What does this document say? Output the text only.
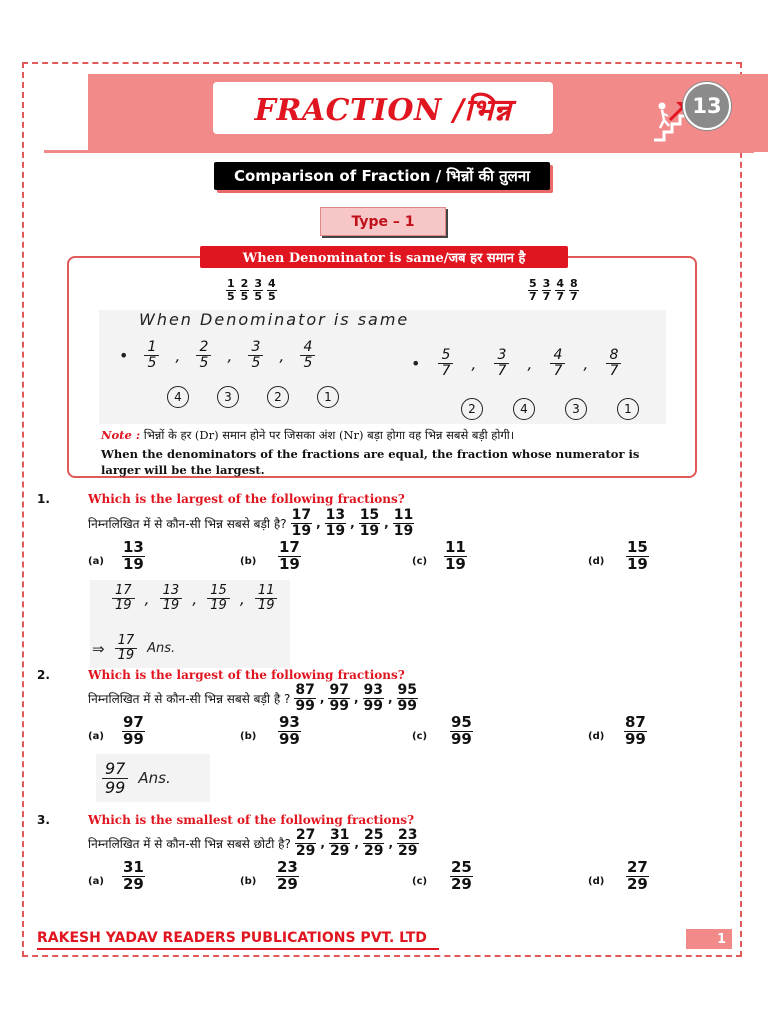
FRACTION /भिन्न	13
Comparison of Fraction / भिन्नों की तुलना
Type – 1
When Denominator is same/जब हर समान है
$\frac{1}{5} \frac{2}{5} \frac{3}{5} \frac{4}{5}$	$\frac{5}{7} \frac{3}{7} \frac{4}{7} \frac{8}{7}$
When Denominator is same
• 1
5 , 2
5 , 3
5 , 4
5
4	3	2	1
• 5
7 , 3
7 , 4
7 , 8
7
2	4	3	1
Note : भिन्नों के हर (Dr) समान होने पर जिसका अंश (Nr) बड़ा होगा वह भिन्न सबसे बड़ी होगी।
When the denominators of the fractions are equal, the fraction whose numerator is larger will be the largest.
1.	Which is the largest of the following fractions?
निम्नलिखित में से कौन-सी भिन्न सबसे बड़ी है? $\frac{17}{19}$ , $\frac{13}{19}$ , $\frac{15}{19}$ , $\frac{11}{19}$
$(a) \frac{13}{19}$	$(b) \frac{17}{19}$	$(c) \frac{11}{19}$	$(d) \frac{15}{19}$
17
19 , 13
19 , 15
19 , 11
19
⇒ 17
19 Ans.
2.	Which is the largest of the following fractions?
निम्नलिखित में से कौन-सी भिन्न सबसे बड़ी है ? $\frac{87}{99}$ , $\frac{97}{99}$ , $\frac{93}{99}$ , $\frac{95}{99}$
$(a) \frac{97}{99}$	$(b) \frac{93}{99}$	$(c) \frac{95}{99}$	$(d) \frac{87}{99}$
97
99 Ans.
3.	Which is the smallest of the following fractions?
निम्नलिखित में से कौन-सी भिन्न सबसे छोटी है? $\frac{27}{29}$ , $\frac{31}{29}$ , $\frac{25}{29}$ , $\frac{23}{29}$
$(a) \frac{31}{29}$	$(b) \frac{23}{29}$	$(c) \frac{25}{29}$	$(d) \frac{27}{29}$
RAKESH YADAV READERS PUBLICATIONS PVT. LTD	1
